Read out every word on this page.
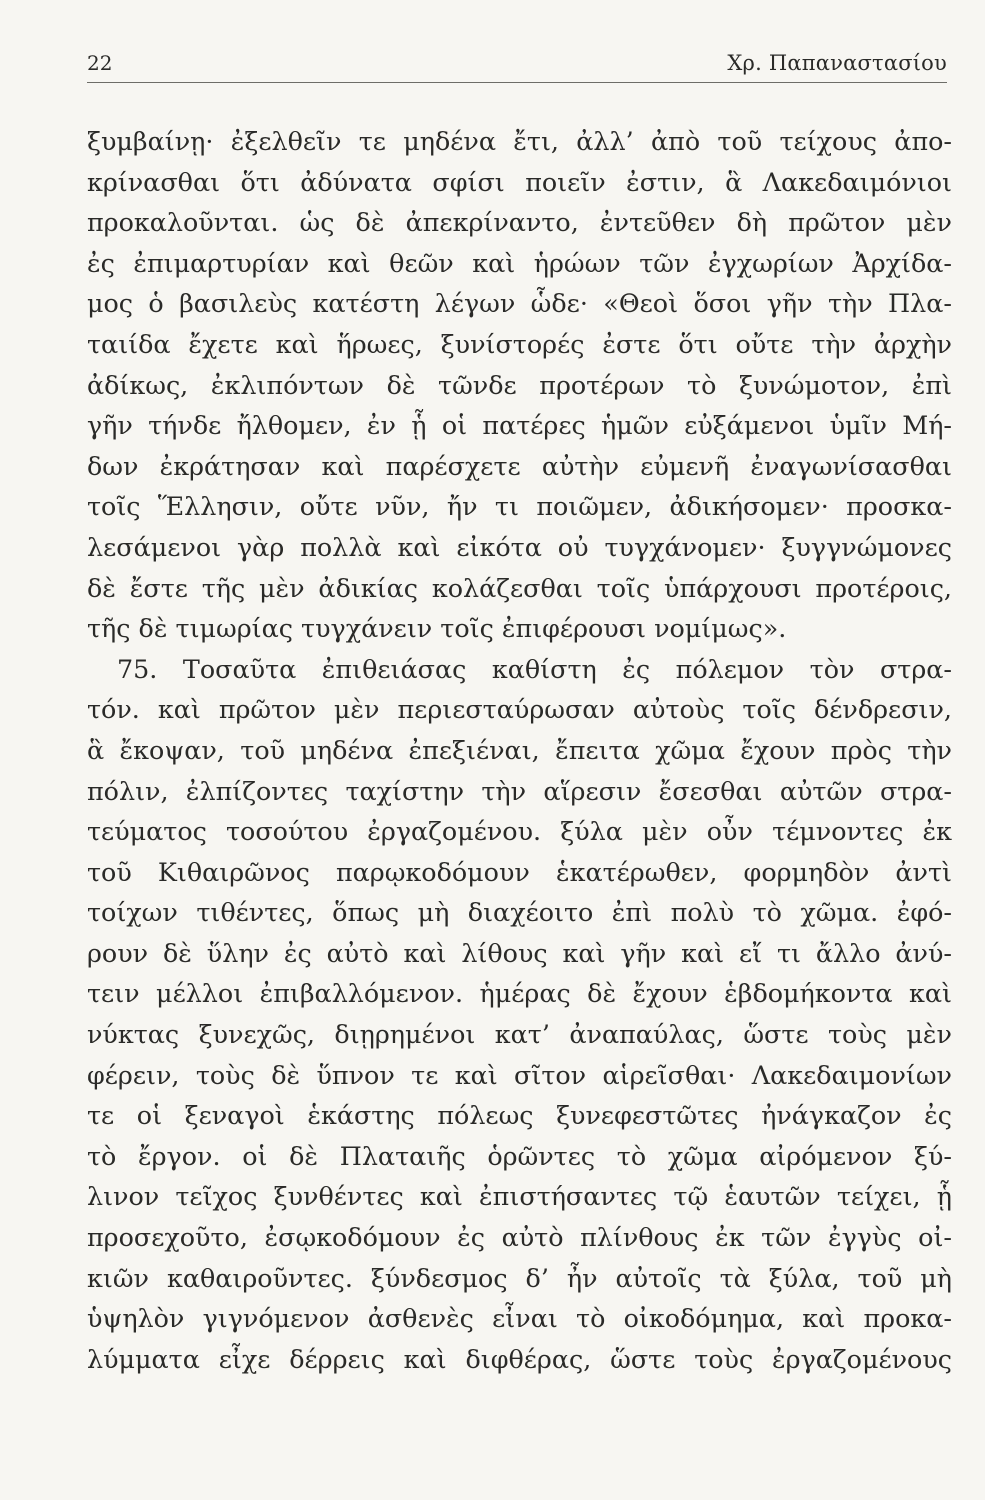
22	Χρ. Παπαναστασίου
ξυμβαίνῃ· ἐξελθεῖν τε μηδένα ἔτι, ἀλλ’ ἀπὸ τοῦ τείχους ἀπο-
κρίνασθαι ὅτι ἀδύνατα σφίσι ποιεῖν ἐστιν, ἃ Λακεδαιμόνιοι
προκαλοῦνται. ὡς δὲ ἀπεκρίναντο, ἐντεῦθεν δὴ πρῶτον μὲν
ἐς ἐπιμαρτυρίαν καὶ θεῶν καὶ ἡρώων τῶν ἐγχωρίων Ἀρχίδα-
μος ὁ βασιλεὺς κατέστη λέγων ὧδε· «Θεοὶ ὅσοι γῆν τὴν Πλα-
ταιίδα ἔχετε καὶ ἥρωες, ξυνίστορές ἐστε ὅτι οὔτε τὴν ἀρχὴν
ἀδίκως, ἐκλιπόντων δὲ τῶνδε προτέρων τὸ ξυνώμοτον, ἐπὶ
γῆν τήνδε ἤλθομεν, ἐν ᾗ οἱ πατέρες ἡμῶν εὐξάμενοι ὑμῖν Μή-
δων ἐκράτησαν καὶ παρέσχετε αὐτὴν εὐμενῆ ἐναγωνίσασθαι
τοῖς Ἕλλησιν, οὔτε νῦν, ἤν τι ποιῶμεν, ἀδικήσομεν· προσκα-
λεσάμενοι γὰρ πολλὰ καὶ εἰκότα οὐ τυγχάνομεν· ξυγγνώμονες
δὲ ἔστε τῆς μὲν ἀδικίας κολάζεσθαι τοῖς ὑπάρχουσι προτέροις,
τῆς δὲ τιμωρίας τυγχάνειν τοῖς ἐπιφέρουσι νομίμως».
75. Τοσαῦτα ἐπιθειάσας καθίστη ἐς πόλεμον τὸν στρα-
τόν. καὶ πρῶτον μὲν περιεσταύρωσαν αὐτοὺς τοῖς δένδρεσιν,
ἃ ἔκοψαν, τοῦ μηδένα ἐπεξιέναι, ἔπειτα χῶμα ἔχουν πρὸς τὴν
πόλιν, ἐλπίζοντες ταχίστην τὴν αἵρεσιν ἔσεσθαι αὐτῶν στρα-
τεύματος τοσούτου ἐργαζομένου. ξύλα μὲν οὖν τέμνοντες ἐκ
τοῦ Κιθαιρῶνος παρῳκοδόμουν ἑκατέρωθεν, φορμηδὸν ἀντὶ
τοίχων τιθέντες, ὅπως μὴ διαχέοιτο ἐπὶ πολὺ τὸ χῶμα. ἐφό-
ρουν δὲ ὕλην ἐς αὐτὸ καὶ λίθους καὶ γῆν καὶ εἴ τι ἄλλο ἀνύ-
τειν μέλλοι ἐπιβαλλόμενον. ἡμέρας δὲ ἔχουν ἑβδομήκοντα καὶ
νύκτας ξυνεχῶς, διῃρημένοι κατ’ ἀναπαύλας, ὥστε τοὺς μὲν
φέρειν, τοὺς δὲ ὕπνον τε καὶ σῖτον αἱρεῖσθαι· Λακεδαιμονίων
τε οἱ ξεναγοὶ ἑκάστης πόλεως ξυνεφεστῶτες ἠνάγκαζον ἐς
τὸ ἔργον. οἱ δὲ Πλαταιῆς ὁρῶντες τὸ χῶμα αἰρόμενον ξύ-
λινον τεῖχος ξυνθέντες καὶ ἐπιστήσαντες τῷ ἑαυτῶν τείχει, ᾗ
προσεχοῦτο, ἐσῳκοδόμουν ἐς αὐτὸ πλίνθους ἐκ τῶν ἐγγὺς οἰ-
κιῶν καθαιροῦντες. ξύνδεσμος δ’ ἦν αὐτοῖς τὰ ξύλα, τοῦ μὴ
ὑψηλὸν γιγνόμενον ἀσθενὲς εἶναι τὸ οἰκοδόμημα, καὶ προκα-
λύμματα εἶχε δέρρεις καὶ διφθέρας, ὥστε τοὺς ἐργαζομένους
